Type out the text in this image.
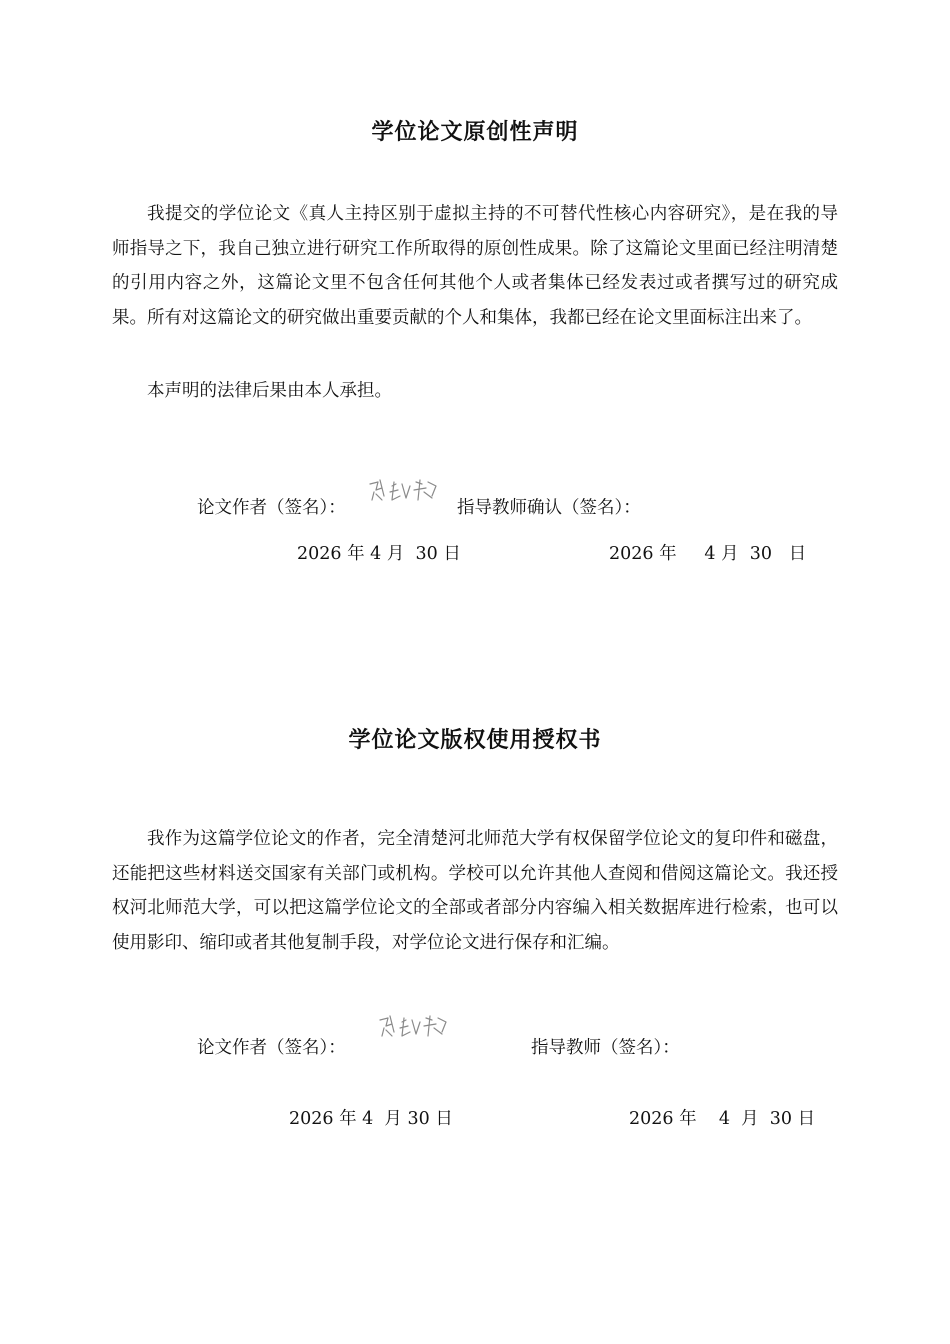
学位论文原创性声明

我提交的学位论文《真人主持区别于虚拟主持的不可替代性核心内容研究》，是在我的导师指导之下，我自己独立进行研究工作所取得的原创性成果。除了这篇论文里面已经注明清楚的引用内容之外，这篇论文里不包含任何其他个人或者集体已经发表过或者撰写过的研究成果。所有对这篇论文的研究做出重要贡献的个人和集体，我都已经在论文里面标注出来了。

本声明的法律后果由本人承担。

论文作者（签名）：	指导教师确认（签名）：
2026 年 4 月  30 日	2026 年     4 月  30   日
学位论文版权使用授权书

我作为这篇学位论文的作者，完全清楚河北师范大学有权保留学位论文的复印件和磁盘，还能把这些材料送交国家有关部门或机构。学校可以允许其他人查阅和借阅这篇论文。我还授权河北师范大学，可以把这篇学位论文的全部或者部分内容编入相关数据库进行检索，也可以使用影印、缩印或者其他复制手段，对学位论文进行保存和汇编。

论文作者（签名）：	指导教师（签名）：
2026 年 4  月 30 日	2026 年    4  月  30 日
